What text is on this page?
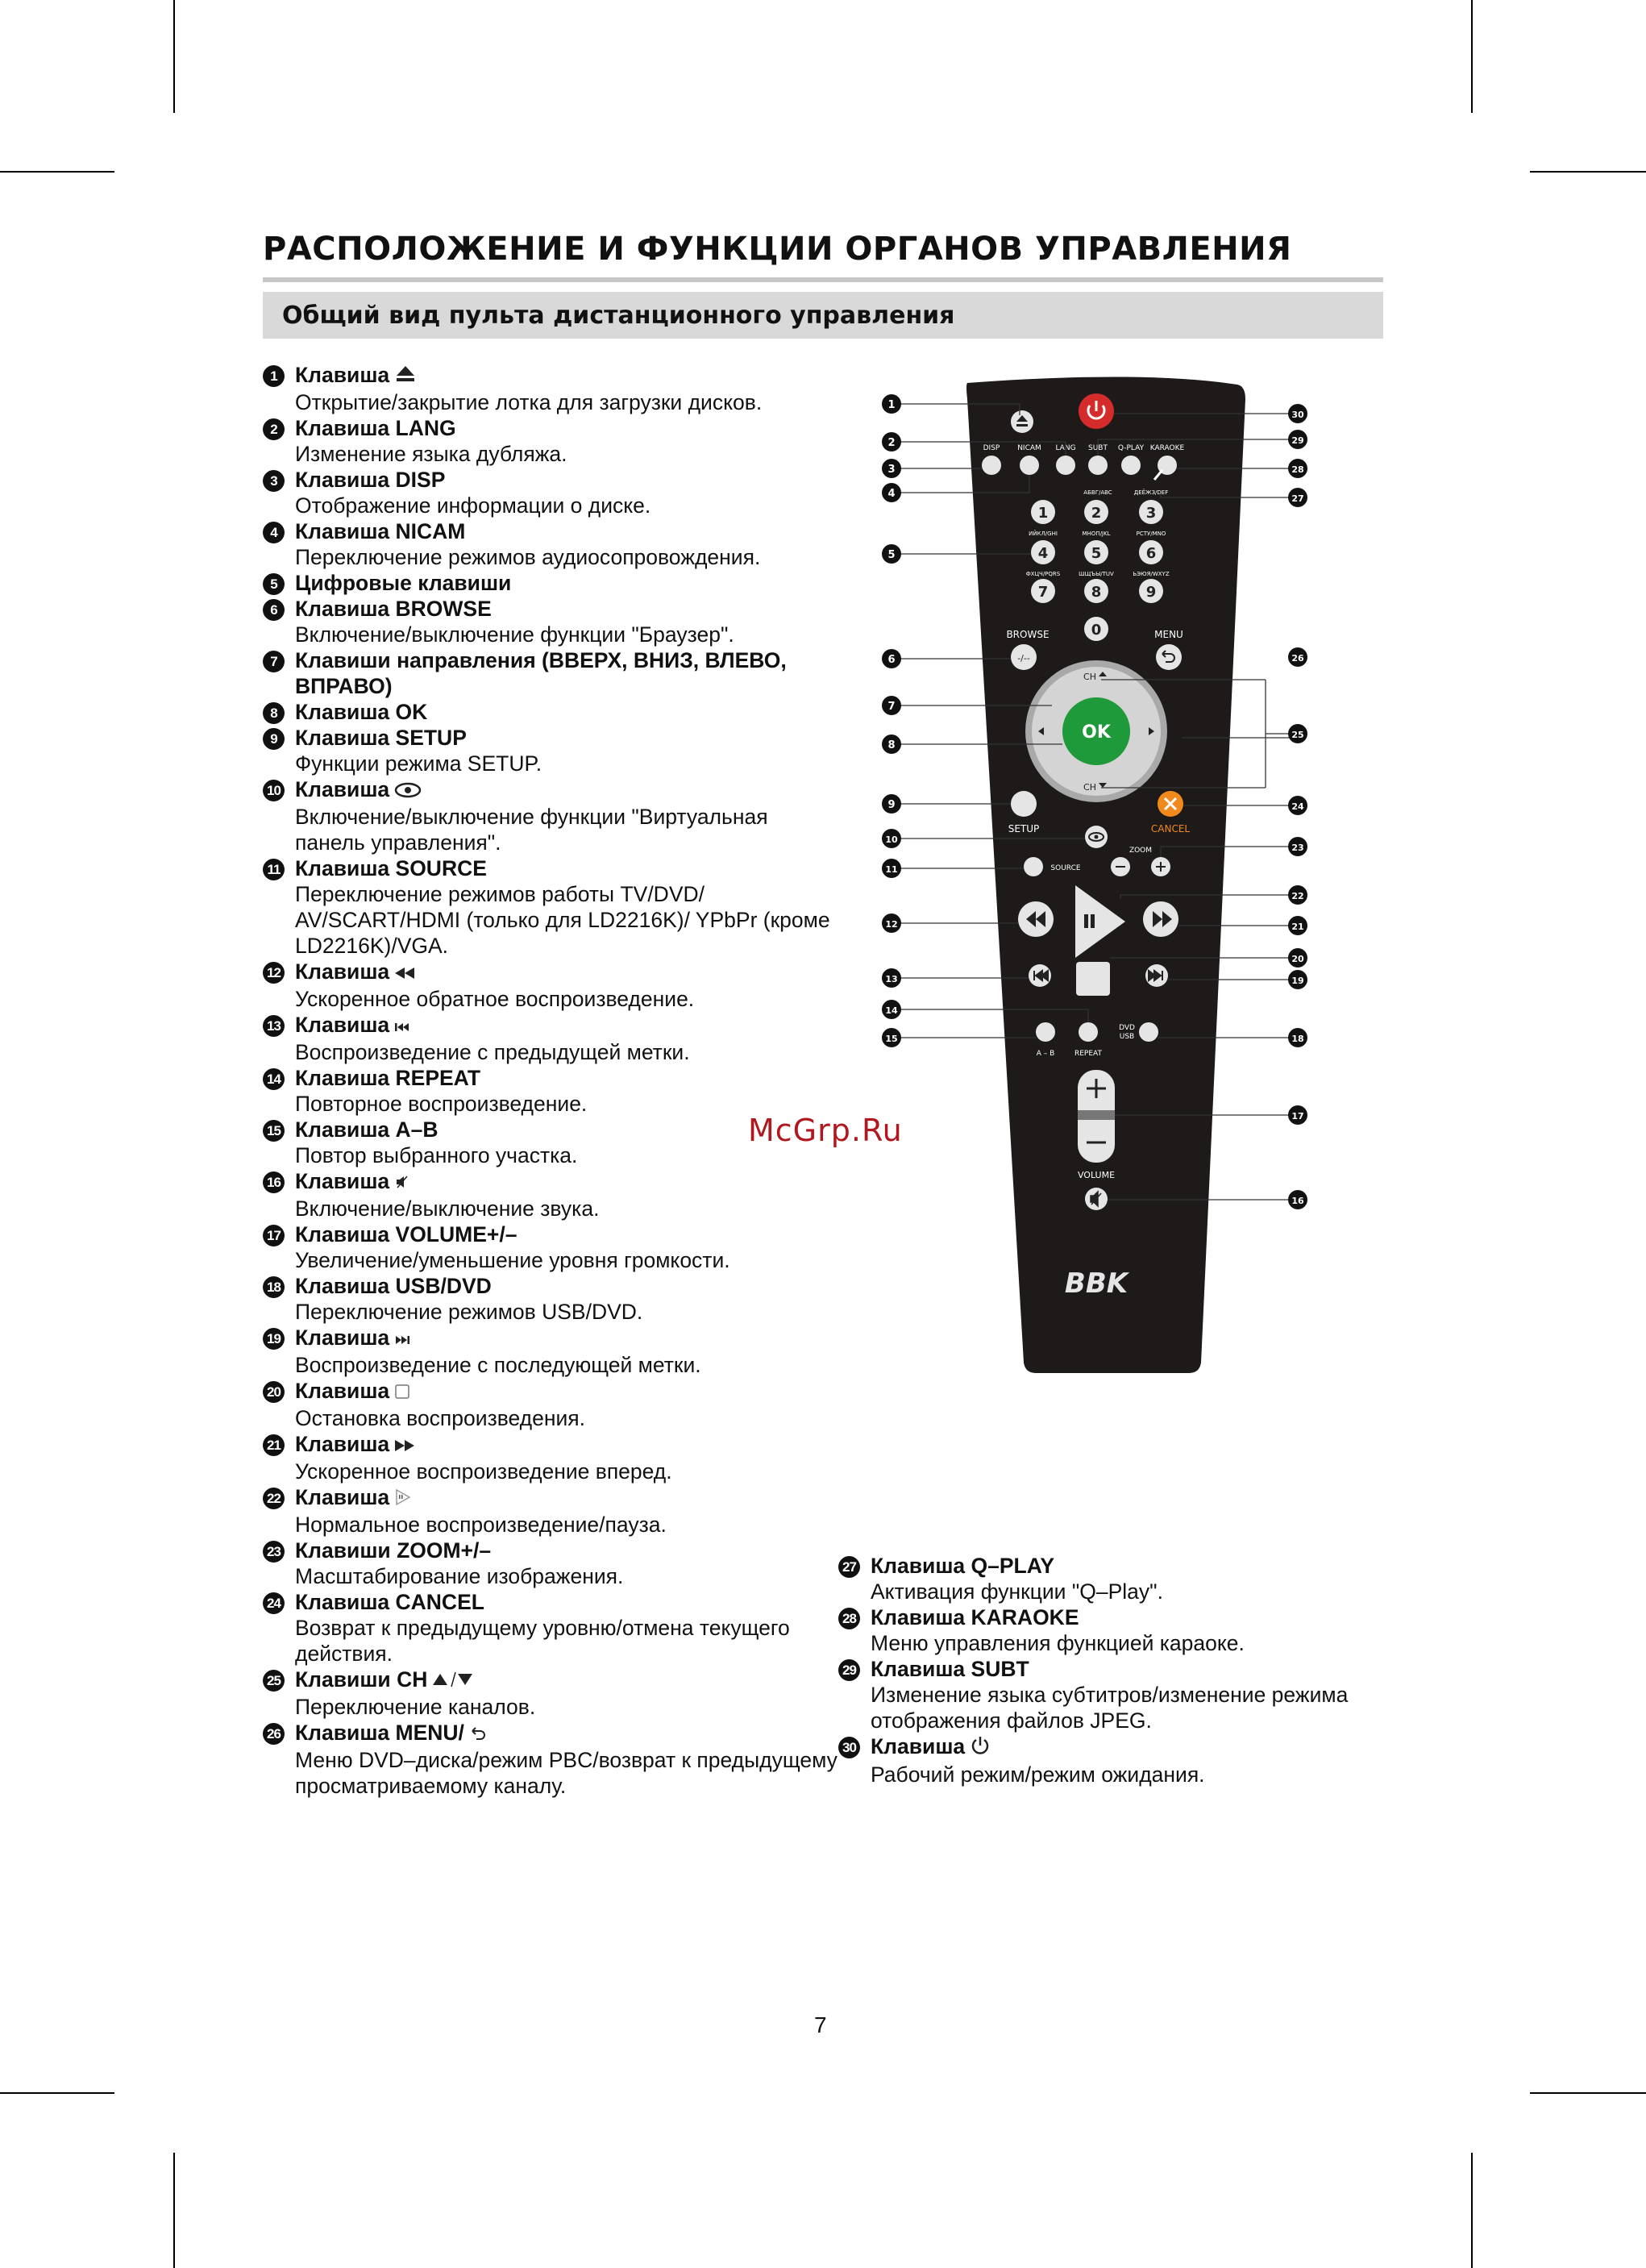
РАСПОЛОЖЕНИЕ И ФУНКЦИИ ОРГАНОВ УПРАВЛЕНИЯ
Общий вид пульта дистанционного управления
1 Клавиша
Открытие/закрытие лотка для загрузки дисков.
2 Клавиша LANG
Изменение языка дубляжа.
3 Клавиша DISP
Отображение информации о диске.
4 Клавиша NICAM
Переключение режимов аудиосопровождения.
5 Цифровые клавиши
6 Клавиша BROWSE
Включение/выключение функции "Браузер".
7 Клавиши направления (ВВЕРХ, ВНИЗ, ВЛЕВО, ВПРАВО)
8 Клавиша OK
9 Клавиша SETUP
Функции режима SETUP.
10 Клавиша
Включение/выключение функции "Виртуальная панель управления".
11 Клавиша SOURCE
Переключение режимов работы TV/DVD/ AV/SCART/HDMI (только для LD2216K)/ YPbPr (кроме LD2216K)/VGA.
12 Клавиша
Ускоренное обратное воспроизведение.
13 Клавиша
Воспроизведение с предыдущей метки.
14 Клавиша REPEAT
Повторное воспроизведение.
15 Клавиша A–B
Повтор выбранного участка.
16 Клавиша
Включение/выключение звука.
17 Клавиша VOLUME+/–
Увеличение/уменьшение уровня громкости.
18 Клавиша USB/DVD
Переключение режимов USB/DVD.
19 Клавиша
Воспроизведение с последующей метки.
20 Клавиша
Остановка воспроизведения.
21 Клавиша
Ускоренное воспроизведение вперед.
22 Клавиша
Нормальное воспроизведение/пауза.
23 Клавиши ZOOM+/–
Масштабирование изображения.
24 Клавиша CANCEL
Возврат к предыдущему уровню/отмена текущего действия.
25 Клавиши CH
Переключение каналов.
26 Клавиша MENU/
Меню DVD–диска/режим PBC/возврат к предыдущему просматриваемому каналу.
27 Клавиша Q–PLAY
Активация функции "Q–Play".
28 Клавиша KARAOKE
Меню управления функцией караоке.
29 Клавиша SUBT
Изменение языка субтитров/изменение режима отображения файлов JPEG.
30 Клавиша
Рабочий режим/режим ожидания.
McGrp.Ru
7
DISP NICAM LANG SUBT Q-PLAY KARAOKE
АБВГ/ABC	ДЕЁЖЗ/DEF
1	2	3
ИЙКЛ/GHI	МНОП/JKL	РСТУ/MNO
4	5	6
ФХЦЧ/PQRS	ШЩЪЫ/TUV	ЬЭЮЯ/WXYZ
7	8	9
0
BROWSE	MENU
-/--
CH
CH
OK
SETUP	CANCEL
SOURCE
ZOOM
A – B	REPEAT
DVD
USB
VOLUME
BBK
1
2
3
4
5
6
7
8
9
10
11
12
13
14
15
16
17
18
19
20
21
22
23
24
25
26
27
28
29
30
